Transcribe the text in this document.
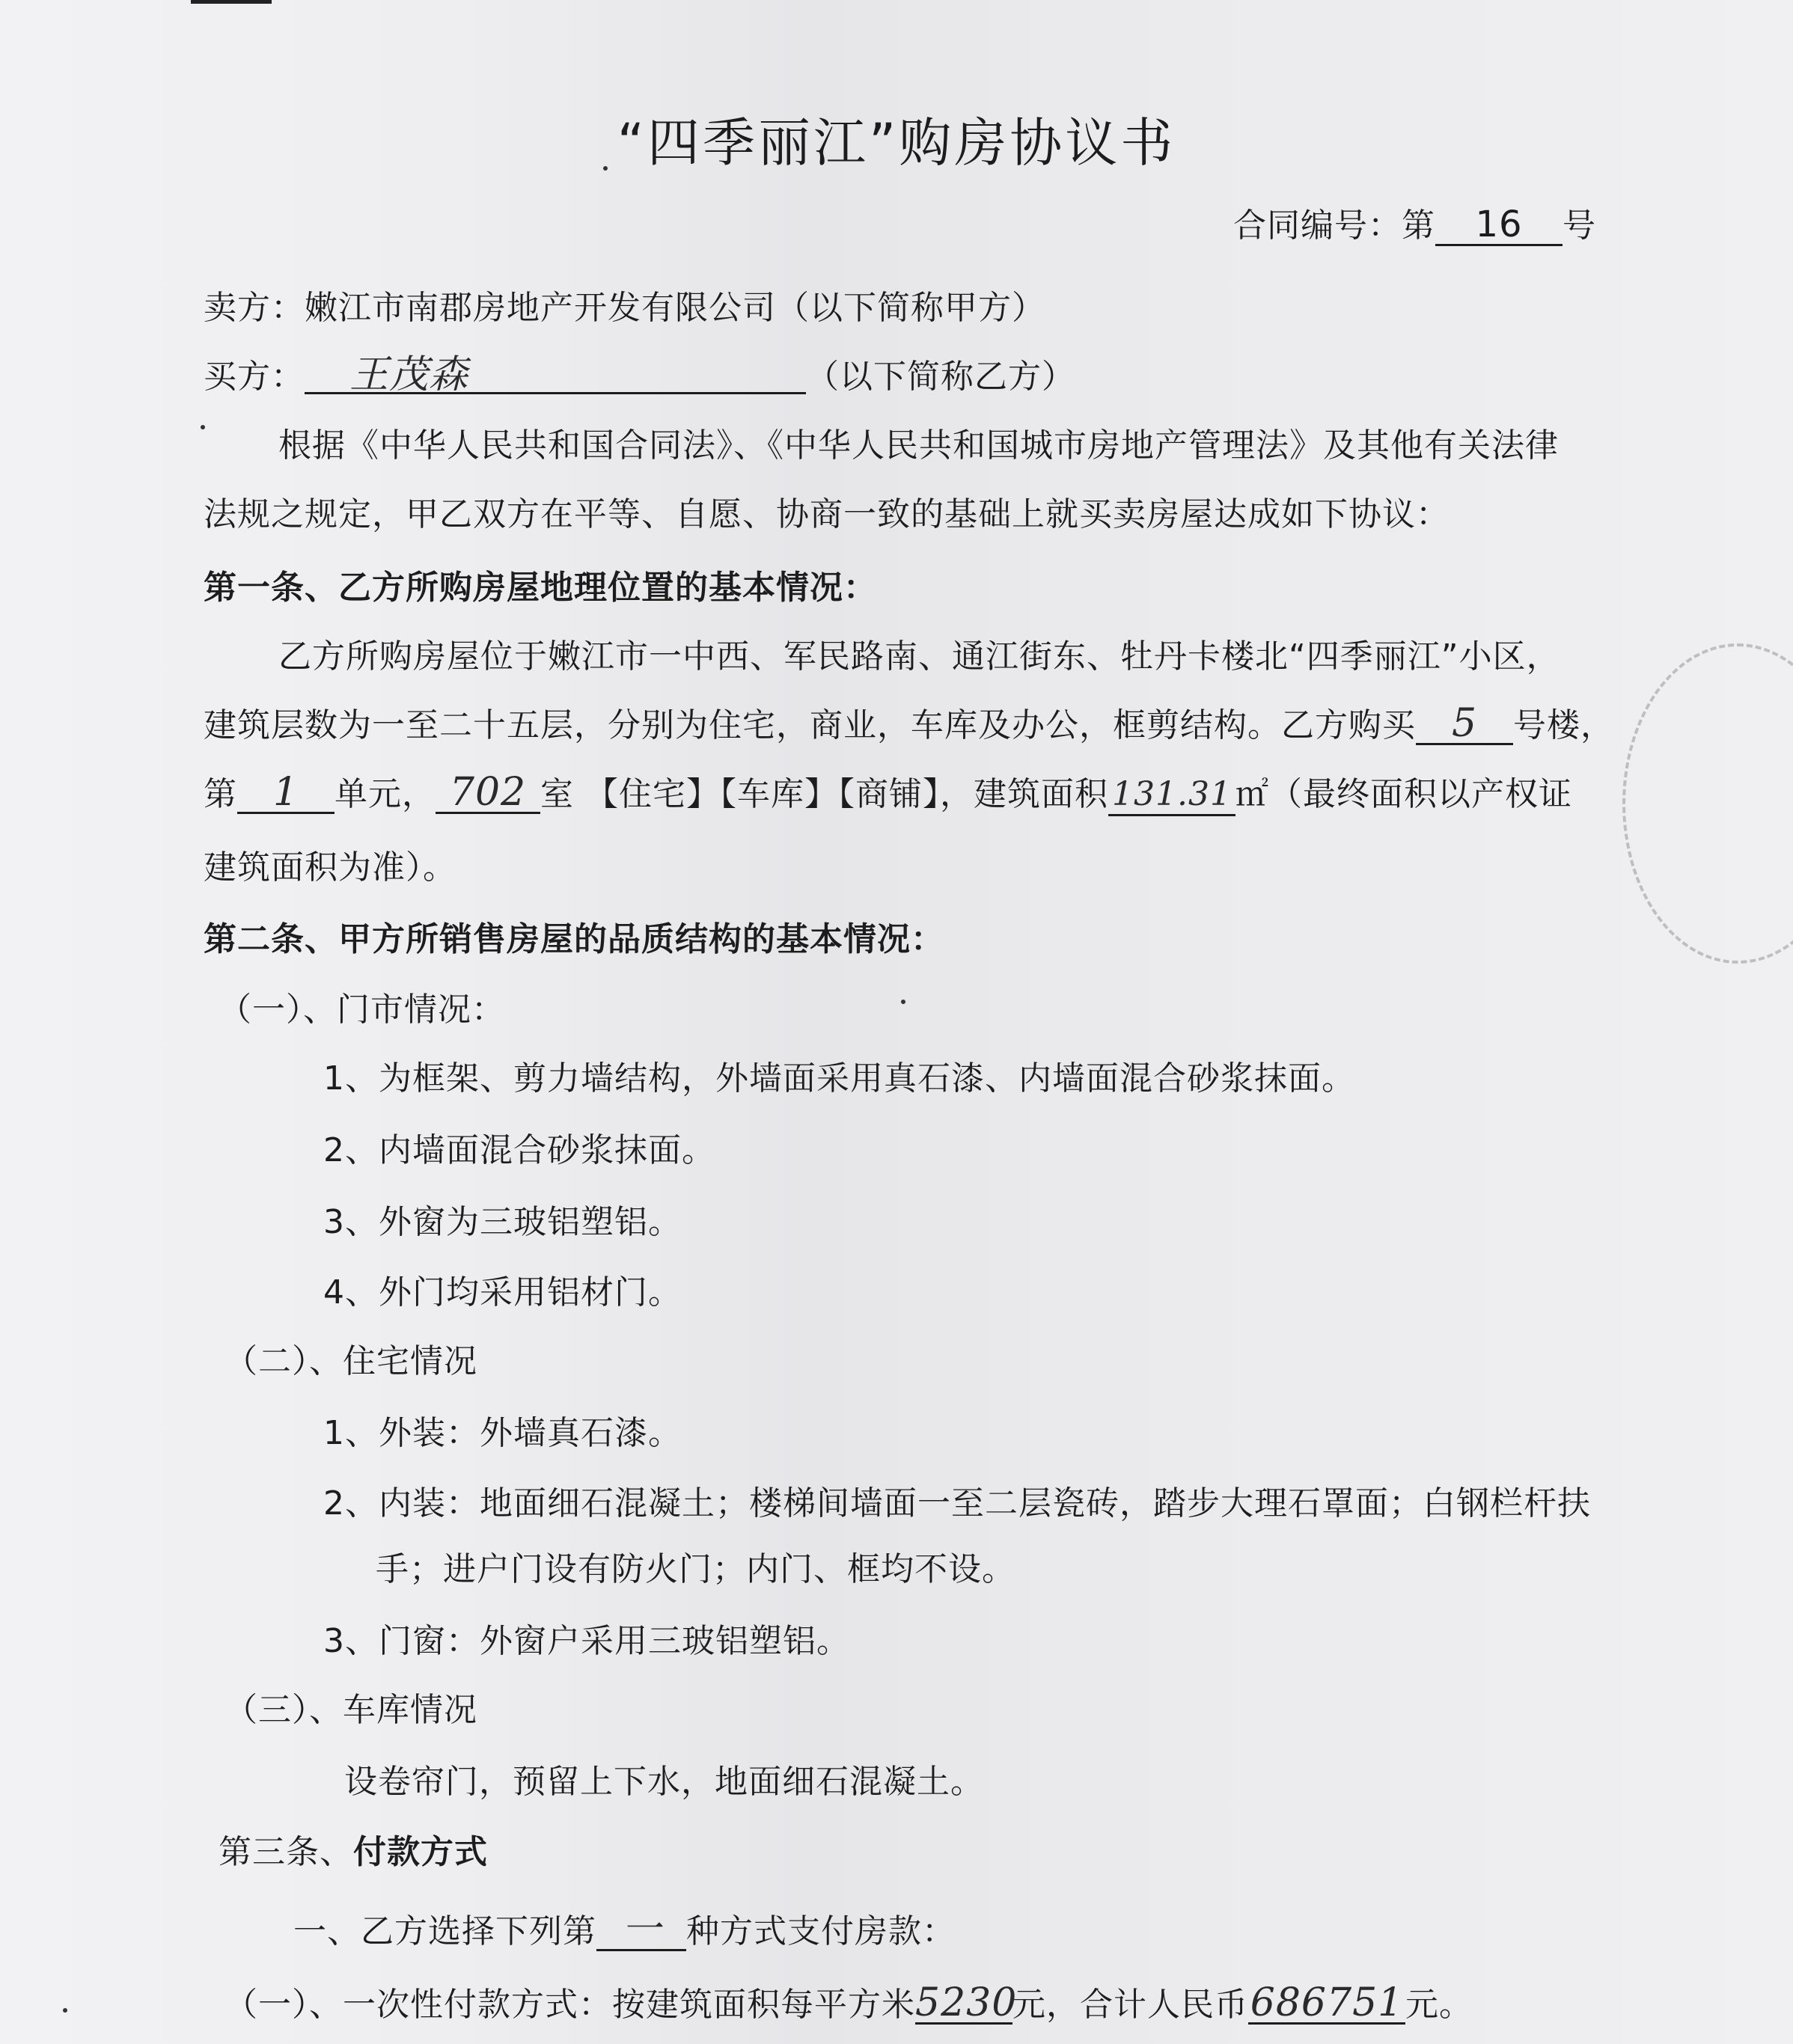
“四季丽江”购房协议书
合同编号：第 16 号
卖方：嫩江市南郡房地产开发有限公司（以下简称甲方）
买方： 王茂森	（以下简称乙方）
根据《中华人民共和国合同法》、《中华人民共和国城市房地产管理法》及其他有关法律
法规之规定，甲乙双方在平等、自愿、协商一致的基础上就买卖房屋达成如下协议：
第一条、乙方所购房屋地理位置的基本情况：
乙方所购房屋位于嫩江市一中西、军民路南、通江街东、牡丹卡楼北“四季丽江”小区，
建筑层数为一至二十五层，分别为住宅，商业，车库及办公，框剪结构。乙方购买 5 号楼，
第 1 单元， 702 室 【住宅】【车库】【商铺】，建筑面积 131.31 ㎡（最终面积以产权证
建筑面积为准）。
第二条、甲方所销售房屋的品质结构的基本情况：
（一）、门市情况：
1、为框架、剪力墙结构，外墙面采用真石漆、内墙面混合砂浆抹面。
2、内墙面混合砂浆抹面。
3、外窗为三玻铝塑铝。
4、外门均采用铝材门。
（二）、住宅情况
1、外装：外墙真石漆。
2、内装：地面细石混凝土；楼梯间墙面一至二层瓷砖，踏步大理石罩面；白钢栏杆扶
手；进户门设有防火门；内门、框均不设。
3、门窗：外窗户采用三玻铝塑铝。
（三）、车库情况
设卷帘门，预留上下水，地面细石混凝土。
第三条、付款方式
一、乙方选择下列第 一 种方式支付房款：
（一）、一次性付款方式：按建筑面积每平方米5230元，合计人民币686751元。
